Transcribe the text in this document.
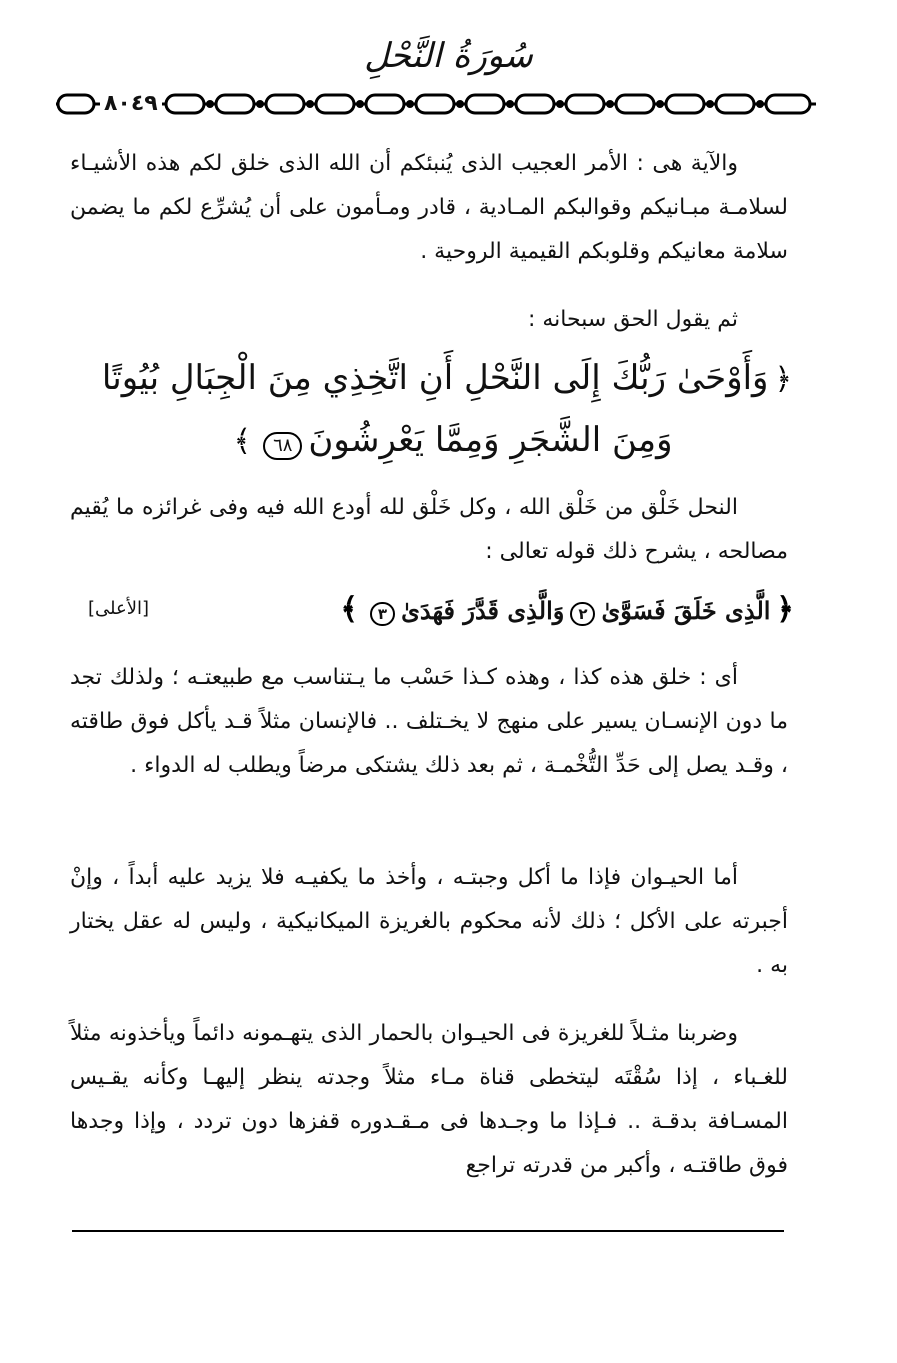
سُورَةُ النَّحْلِ
٨٠٤٩

والآية هى : الأمر العجيب الذى يُنبئكم أن الله الذى خلق لكم هذه الأشيـاء لسلامـة مبـانيكم وقوالبكم المـادية ، قادر ومـأمون على أن يُشرِّع لكم ما يضمن سلامة معانيكم وقلوبكم القيمية الروحية .

ثم يقول الحق سبحانه :

﴿وَأَوْحَىٰ رَبُّكَ إِلَى النَّحْلِ أَنِ اتَّخِذِي مِنَ الْجِبَالِ بُيُوتًا
وَمِنَ الشَّجَرِ وَمِمَّا يَعْرِشُونَ٦٨﴾

النحل خَلْق من خَلْق الله ، وكل خَلْق لله أودع الله فيه وفى غرائزه ما يُقيم مصالحه ، يشرح ذلك قوله تعالى :

﴿الَّذِى خَلَقَ فَسَوَّىٰ٢وَالَّذِى قَدَّرَ فَهَدَىٰ٣﴾
[الأعلى]

أى : خلق هذه كذا ، وهذه كـذا حَسْب ما يـتناسب مع طبيعتـه ؛ ولذلك تجد ما دون الإنسـان يسير على منهج لا يخـتلف .. فالإنسان مثلاً قـد يأكل فوق طاقته ، وقـد يصل إلى حَدِّ التُّخْمـة ، ثم بعد ذلك يشتكى مرضاً ويطلب له الدواء .

أما الحيـوان فإذا ما أكل وجبتـه ، وأخذ ما يكفيـه فلا يزيد عليه أبداً ، وإنْ أجبرته على الأكل ؛ ذلك لأنه محكوم بالغريزة الميكانيكية ، وليس له عقل يختار به .

وضربنا مثـلاً للغريزة فى الحيـوان بالحمار الذى يتهـمونه دائماً ويأخذونه مثلاً للغـباء ، إذا سُقْتَه ليتخطى قناة مـاء مثلاً وجدته ينظر إليهـا وكأنه يقـيس المسـافة بدقـة .. فـإذا ما وجـدها فى مـقـدوره قفزها دون تردد ، وإذا وجدها فوق طاقتـه ، وأكبر من قدرته تراجع
